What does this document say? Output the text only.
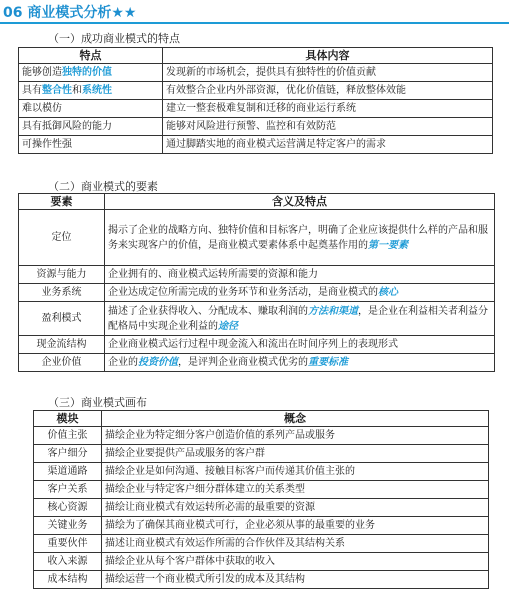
06 商业模式分析★★
（一）成功商业模式的特点
特点	具体内容
能够创造独特的价值	发现新的市场机会，提供具有独特性的价值贡献
具有整合性和系统性	有效整合企业内外部资源，优化价值链，释放整体效能
难以模仿	建立一整套极难复制和迁移的商业运行系统
具有抵御风险的能力	能够对风险进行预警、监控和有效防范
可操作性强	通过脚踏实地的商业模式运营满足特定客户的需求
（二）商业模式的要素
要素	含义及特点
定位	揭示了企业的战略方向、独特价值和目标客户，明确了企业应该提供什么样的产品和服务来实现客户的价值，是商业模式要素体系中起奠基作用的第一要素
资源与能力	企业拥有的、商业模式运转所需要的资源和能力
业务系统	企业达成定位所需完成的业务环节和业务活动，是商业模式的核心
盈利模式	描述了企业获得收入、分配成本、赚取利润的方法和渠道，是企业在利益相关者利益分配格局中实现企业利益的途径
现金流结构	企业商业模式运行过程中现金流入和流出在时间序列上的表现形式
企业价值	企业的投资价值，是评判企业商业模式优劣的重要标准
（三）商业模式画布
模块	概念
价值主张	描绘企业为特定细分客户创造价值的系列产品或服务
客户细分	描绘企业要提供产品或服务的客户群
渠道通路	描绘企业是如何沟通、接触目标客户而传递其价值主张的
客户关系	描绘企业与特定客户细分群体建立的关系类型
核心资源	描绘让商业模式有效运转所必需的最重要的资源
关键业务	描绘为了确保其商业模式可行，企业必须从事的最重要的业务
重要伙伴	描述让商业模式有效运作所需的合作伙伴及其结构关系
收入来源	描绘企业从每个客户群体中获取的收入
成本结构	描绘运营一个商业模式所引发的成本及其结构
